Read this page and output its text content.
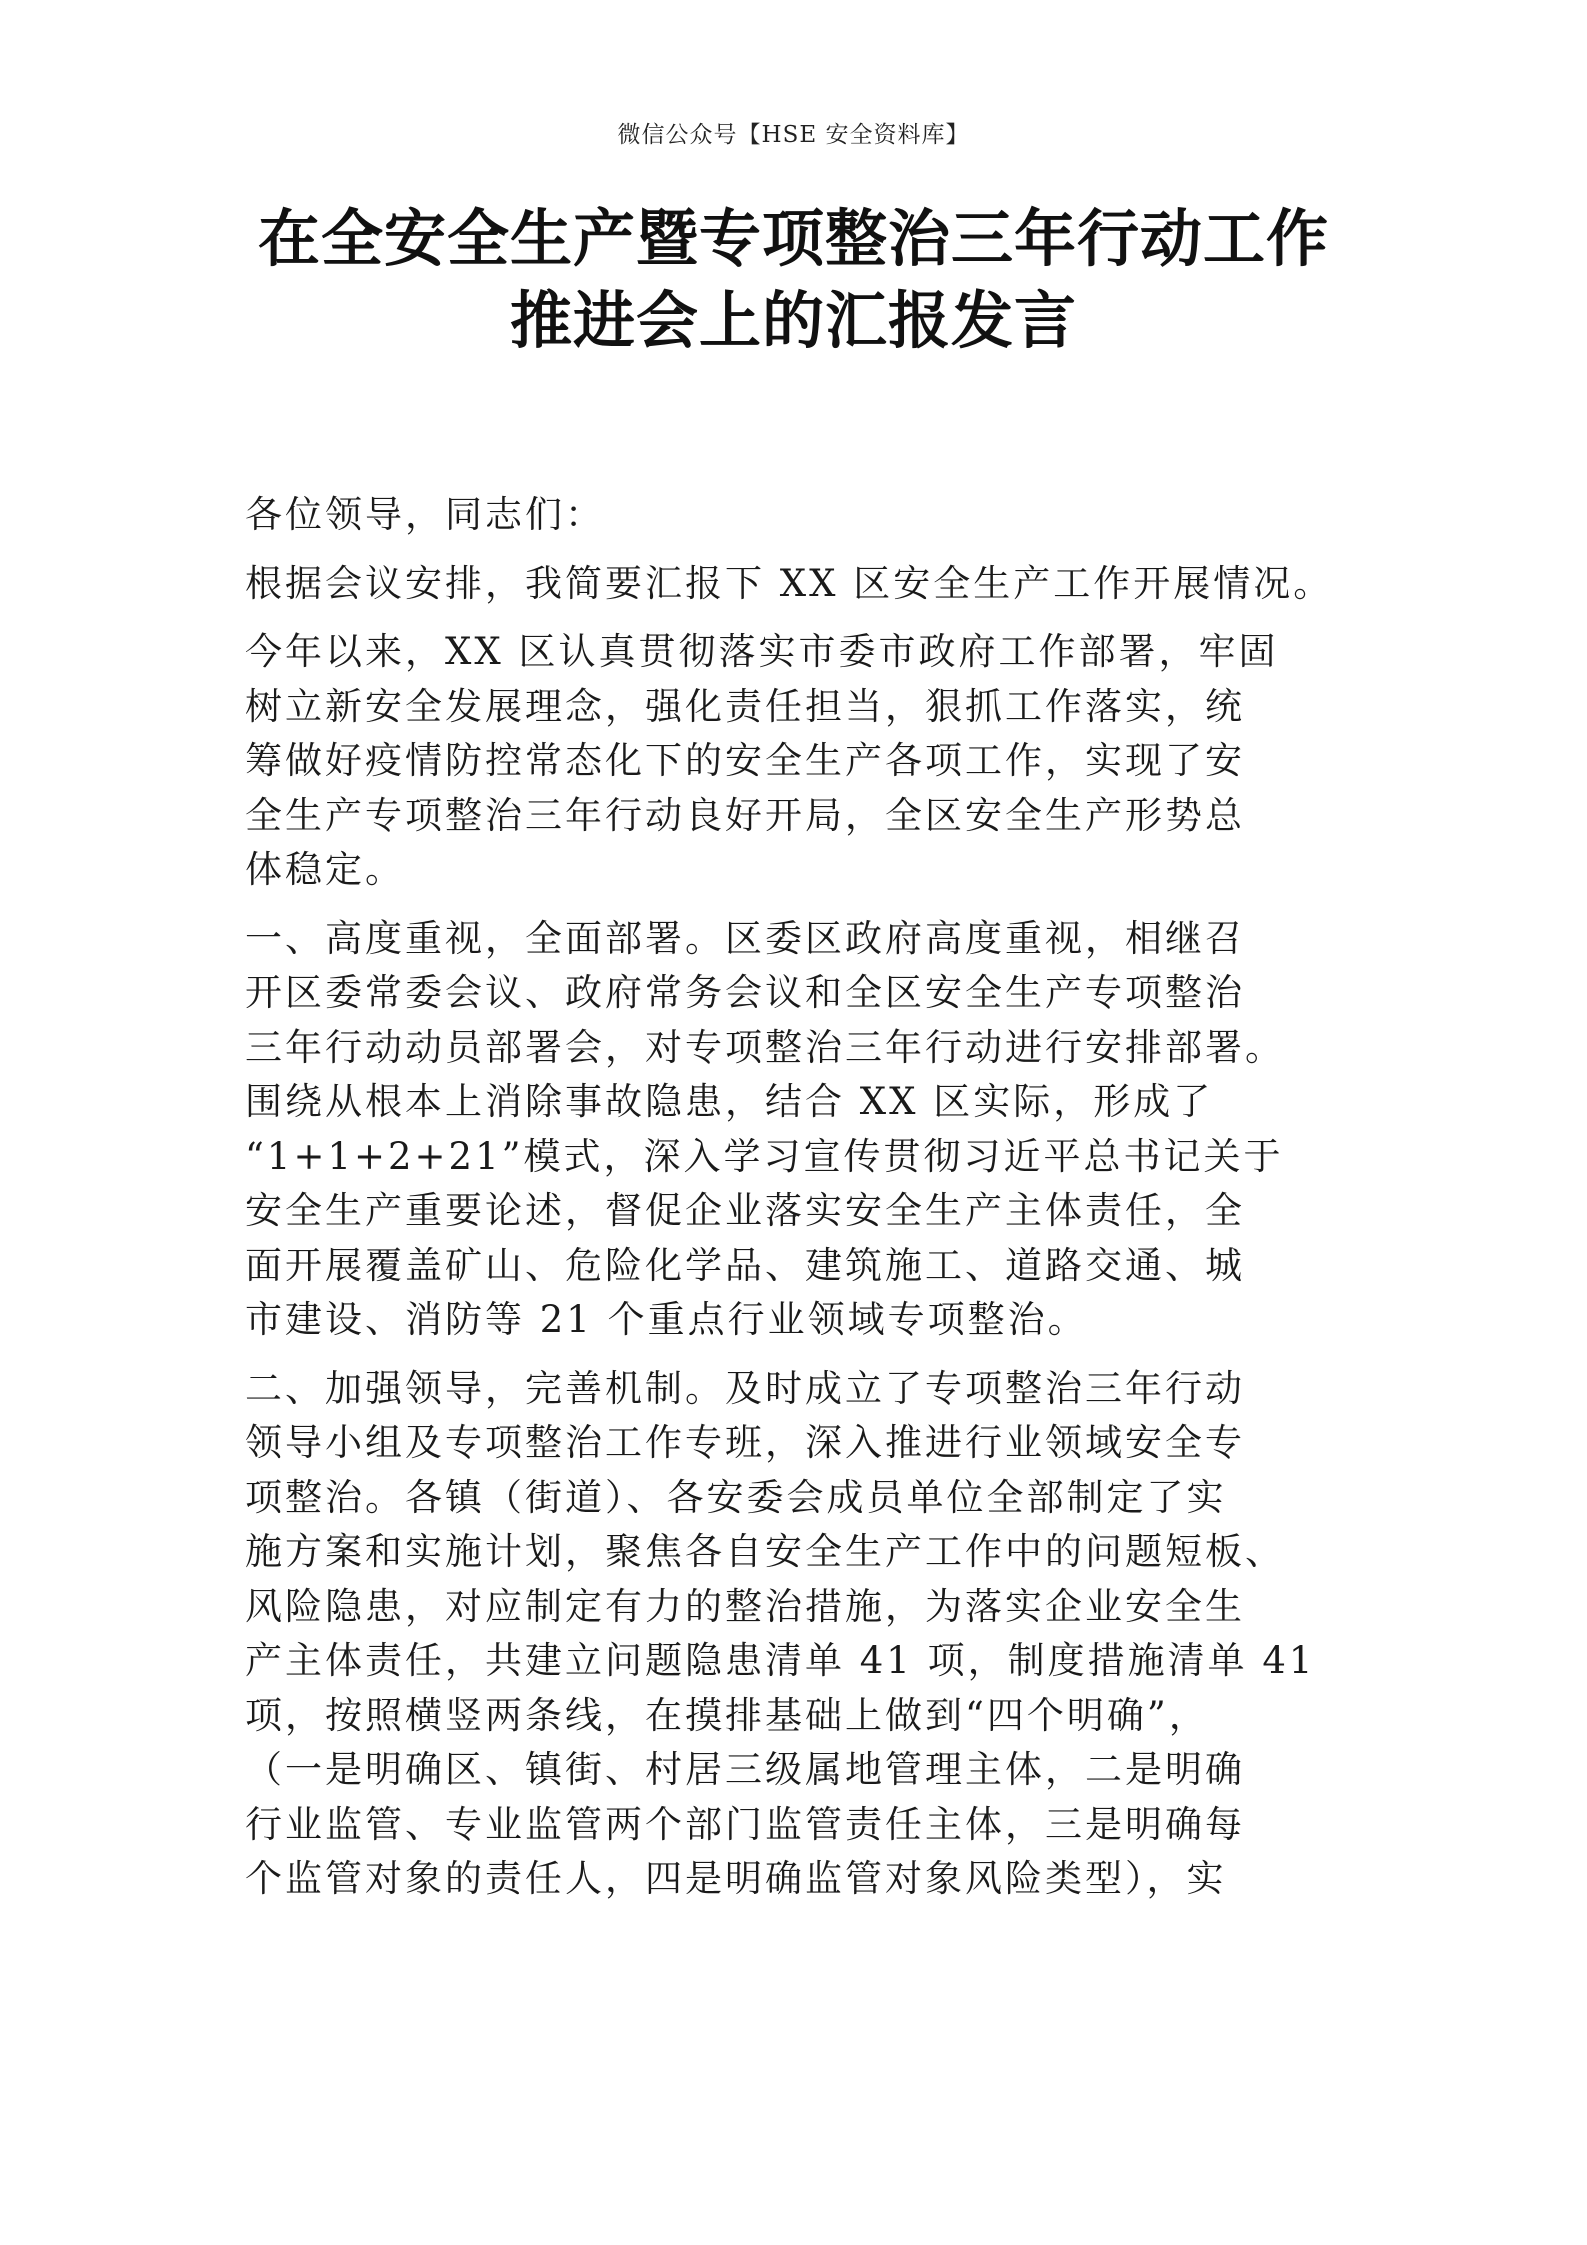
微信公众号【HSE 安全资料库】
在全安全生产暨专项整治三年行动工作
推进会上的汇报发言
各位领导，同志们：
根据会议安排，我简要汇报下 XX 区安全生产工作开展情况。
今年以来，XX 区认真贯彻落实市委市政府工作部署，牢固
树立新安全发展理念，强化责任担当，狠抓工作落实，统
筹做好疫情防控常态化下的安全生产各项工作，实现了安
全生产专项整治三年行动良好开局，全区安全生产形势总
体稳定。
一、高度重视，全面部署。区委区政府高度重视，相继召
开区委常委会议、政府常务会议和全区安全生产专项整治
三年行动动员部署会，对专项整治三年行动进行安排部署。
围绕从根本上消除事故隐患，结合 XX 区实际，形成了
“1+1+2+21”模式，深入学习宣传贯彻习近平总书记关于
安全生产重要论述，督促企业落实安全生产主体责任，全
面开展覆盖矿山、危险化学品、建筑施工、道路交通、城
市建设、消防等 21 个重点行业领域专项整治。
二、加强领导，完善机制。及时成立了专项整治三年行动
领导小组及专项整治工作专班，深入推进行业领域安全专
项整治。各镇（街道）、各安委会成员单位全部制定了实
施方案和实施计划，聚焦各自安全生产工作中的问题短板、
风险隐患，对应制定有力的整治措施，为落实企业安全生
产主体责任，共建立问题隐患清单 41 项，制度措施清单 41
项，按照横竖两条线，在摸排基础上做到“四个明确”，
（一是明确区、镇街、村居三级属地管理主体，二是明确
行业监管、专业监管两个部门监管责任主体，三是明确每
个监管对象的责任人，四是明确监管对象风险类型），实
